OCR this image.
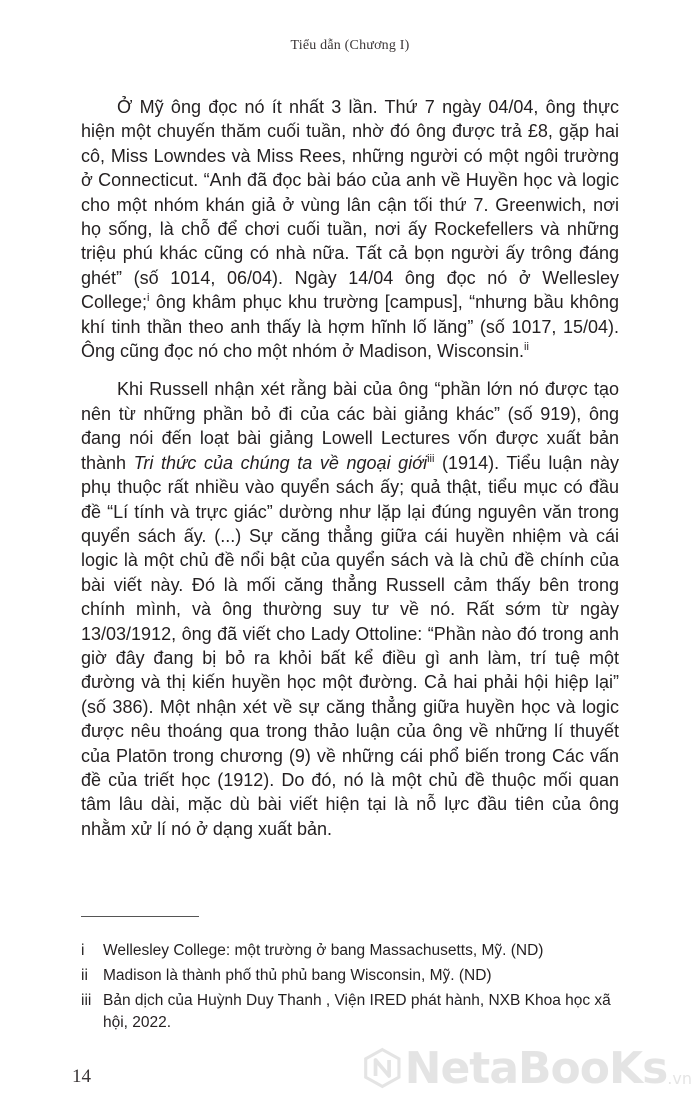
Tiểu dẫn (Chương I)

Ở Mỹ ông đọc nó ít nhất 3 lần. Thứ 7 ngày 04/04, ông thực hiện một chuyến thăm cuối tuần, nhờ đó ông được trả £8, gặp hai cô, Miss Lowndes và Miss Rees, những người có một ngôi trường ở Connecticut. “Anh đã đọc bài báo của anh về Huyền học và logic cho một nhóm khán giả ở vùng lân cận tối thứ 7. Greenwich, nơi họ sống, là chỗ để chơi cuối tuần, nơi ấy Rockefellers và những triệu phú khác cũng có nhà nữa. Tất cả bọn người ấy trông đáng ghét” (số 1014, 06/04). Ngày 14/04 ông đọc nó ở Wellesley College;$^i$ ông khâm phục khu trường [campus], “nhưng bầu không khí tinh thần theo anh thấy là hợm hĩnh lố lăng” (số 1017, 15/04). Ông cũng đọc nó cho một nhóm ở Madison, Wisconsin.$^{ii}$

Khi Russell nhận xét rằng bài của ông “phần lớn nó được tạo nên từ những phần bỏ đi của các bài giảng khác” (số 919), ông đang nói đến loạt bài giảng Lowell Lectures vốn được xuất bản thành Tri thức của chúng ta về ngoại giới$^{iii}$ (1914). Tiểu luận này phụ thuộc rất nhiều vào quyển sách ấy; quả thật, tiểu mục có đầu đề “Lí tính và trực giác” dường như lặp lại đúng nguyên văn trong quyển sách ấy. (...) Sự căng thẳng giữa cái huyền nhiệm và cái logic là một chủ đề nổi bật của quyển sách và là chủ đề chính của bài viết này. Đó là mối căng thẳng Russell cảm thấy bên trong chính mình, và ông thường suy tư về nó. Rất sớm từ ngày 13/03/1912, ông đã viết cho Lady Ottoline: “Phần nào đó trong anh giờ đây đang bị bỏ ra khỏi bất kể điều gì anh làm, trí tuệ một đường và thị kiến huyền học một đường. Cả hai phải hội hiệp lại” (số 386). Một nhận xét về sự căng thẳng giữa huyền học và logic được nêu thoáng qua trong thảo luận của ông về những lí thuyết của Platōn trong chương (9) về những cái phổ biến trong Các vấn đề của triết học (1912). Do đó, nó là một chủ đề thuộc mối quan tâm lâu dài, mặc dù bài viết hiện tại là nỗ lực đầu tiên của ông nhằm xử lí nó ở dạng xuất bản.

i	Wellesley College: một trường ở bang Massachusetts, Mỹ. (ND)
ii Madison là thành phố thủ phủ bang Wisconsin, Mỹ. (ND)
iii Bản dịch của Huỳnh Duy Thanh , Viện IRED phát hành, NXB Khoa học xã hội, 2022.
14	NetaBooKs .vn
